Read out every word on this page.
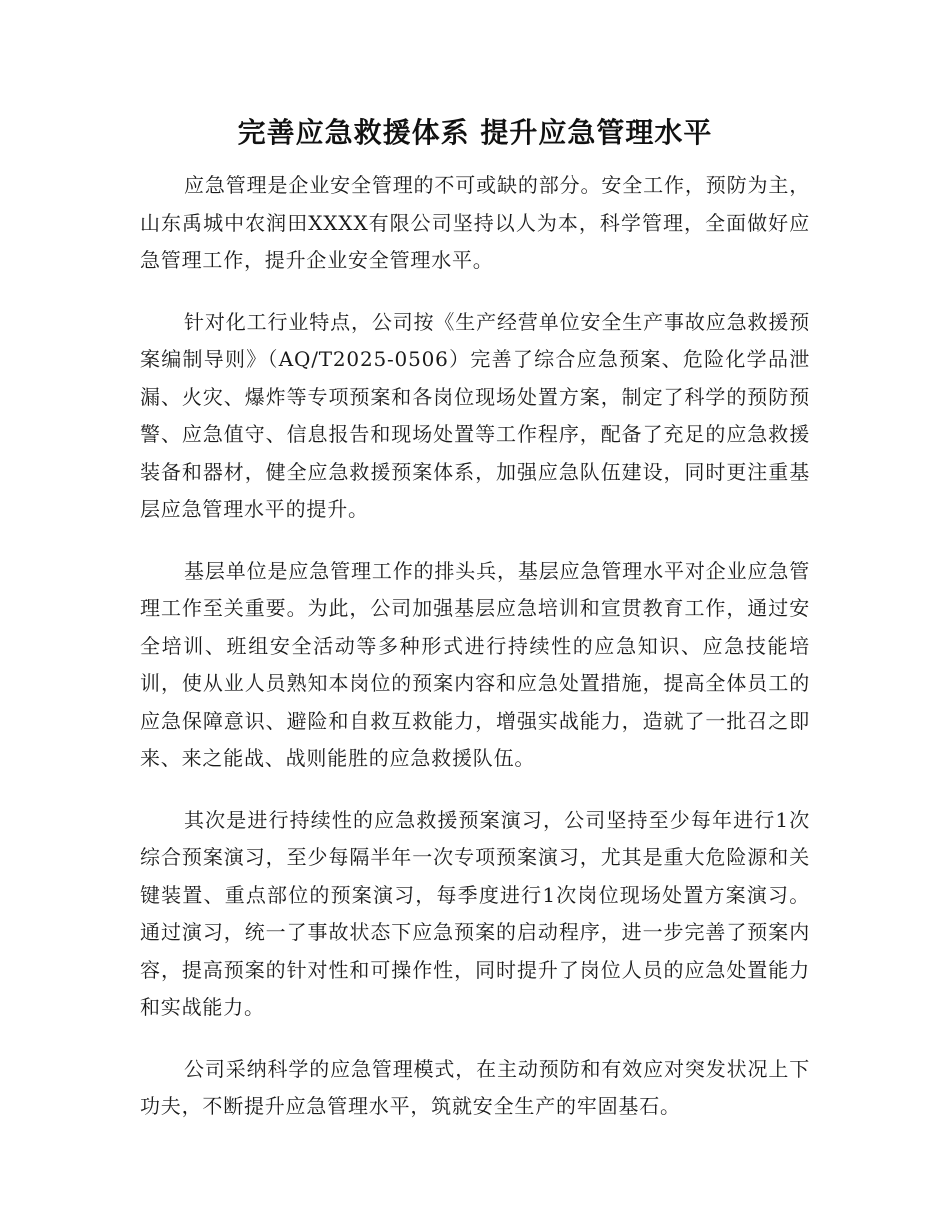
完善应急救援体系 提升应急管理水平

应急管理是企业安全管理的不可或缺的部分。安全工作，预防为主，山东禹城中农润田XXXX有限公司坚持以人为本，科学管理，全面做好应急管理工作，提升企业安全管理水平。

针对化工行业特点，公司按《生产经营单位安全生产事故应急救援预案编制导则》（AQ/T2025-0506）完善了综合应急预案、危险化学品泄漏、火灾、爆炸等专项预案和各岗位现场处置方案，制定了科学的预防预警、应急值守、信息报告和现场处置等工作程序，配备了充足的应急救援装备和器材，健全应急救援预案体系，加强应急队伍建设，同时更注重基层应急管理水平的提升。

基层单位是应急管理工作的排头兵，基层应急管理水平对企业应急管理工作至关重要。为此，公司加强基层应急培训和宣贯教育工作，通过安全培训、班组安全活动等多种形式进行持续性的应急知识、应急技能培训，使从业人员熟知本岗位的预案内容和应急处置措施，提高全体员工的应急保障意识、避险和自救互救能力，增强实战能力，造就了一批召之即来、来之能战、战则能胜的应急救援队伍。

其次是进行持续性的应急救援预案演习，公司坚持至少每年进行1次综合预案演习，至少每隔半年一次专项预案演习，尤其是重大危险源和关键装置、重点部位的预案演习，每季度进行1次岗位现场处置方案演习。通过演习，统一了事故状态下应急预案的启动程序，进一步完善了预案内容，提高预案的针对性和可操作性，同时提升了岗位人员的应急处置能力和实战能力。

公司采纳科学的应急管理模式，在主动预防和有效应对突发状况上下功夫，不断提升应急管理水平，筑就安全生产的牢固基石。
